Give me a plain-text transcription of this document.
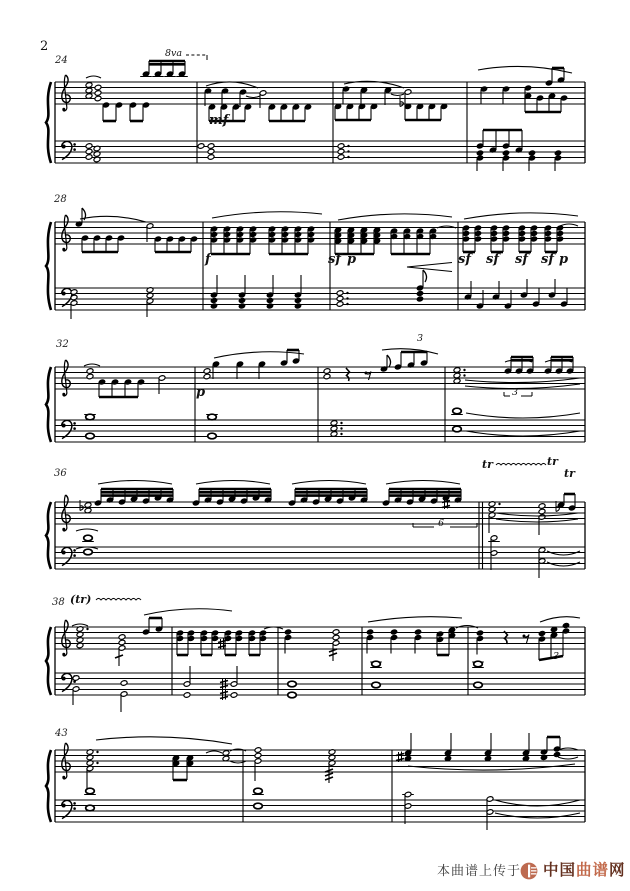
2
24
28
32
36
38
43
8va
mf
f	sf p	sf sf sf sf p
p
3
3
6
tr	tr
tr
(tr)
3
本曲谱上传于 中国曲谱网
